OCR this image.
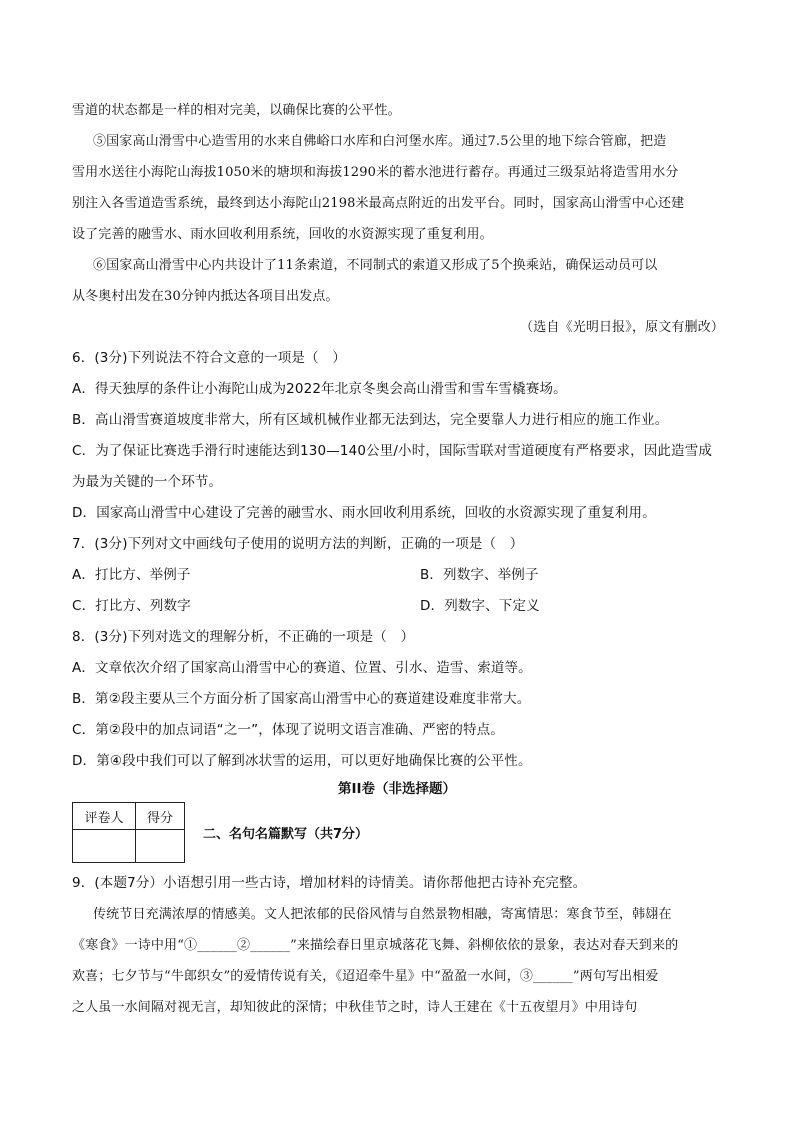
雪道的状态都是一样的相对完美，以确保比赛的公平性。
⑤国家高山滑雪中心造雪用的水来自佛峪口水库和白河堡水库。通过7.5公里的地下综合管廊，把造
雪用水送往小海陀山海拔1050米的塘坝和海拔1290米的蓄水池进行蓄存。再通过三级泵站将造雪用水分
别注入各雪道造雪系统，最终到达小海陀山2198米最高点附近的出发平台。同时，国家高山滑雪中心还建
设了完善的融雪水、雨水回收利用系统，回收的水资源实现了重复利用。
⑥国家高山滑雪中心内共设计了11条索道，不同制式的索道又形成了5个换乘站，确保运动员可以
从冬奥村出发在30分钟内抵达各项目出发点。
（选自《光明日报》，原文有删改）
6．(3分)下列说法不符合文意的一项是（　）
A．得天独厚的条件让小海陀山成为2022年北京冬奥会高山滑雪和雪车雪橇赛场。
B．高山滑雪赛道坡度非常大，所有区域机械作业都无法到达，完全要靠人力进行相应的施工作业。
C．为了保证比赛选手滑行时速能达到130—140公里/小时，国际雪联对雪道硬度有严格要求，因此造雪成
为最为关键的一个环节。
D．国家高山滑雪中心建设了完善的融雪水、雨水回收利用系统，回收的水资源实现了重复利用。
7．(3分)下列对文中画线句子使用的说明方法的判断，正确的一项是（　）
A．打比方、举例子	B．列数字、举例子
C．打比方、列数字	D．列数字、下定义
8．(3分)下列对选文的理解分析，不正确的一项是（　）
A．文章依次介绍了国家高山滑雪中心的赛道、位置、引水、造雪、索道等。
B．第②段主要从三个方面分析了国家高山滑雪中心的赛道建设难度非常大。
C．第②段中的加点词语“之一”，体现了说明文语言准确、严密的特点。
D．第④段中我们可以了解到冰状雪的运用，可以更好地确保比赛的公平性。
第II卷（非选择题）
评卷人	得分

二、名句名篇默写（共7分）
9．(本题7分）小语想引用一些古诗，增加材料的诗情美。请你帮他把古诗补充完整。
传统节日充满浓厚的情感美。文人把浓郁的民俗风情与自然景物相融，寄寓情思：寒食节至，韩翃在
《寒食》一诗中用“①______②______”来描绘春日里京城落花飞舞、斜柳依依的景象，表达对春天到来的
欢喜；七夕节与“牛郎织女”的爱情传说有关，《迢迢牵牛星》中“盈盈一水间，③______”两句写出相爱
之人虽一水间隔对视无言，却知彼此的深情；中秋佳节之时，诗人王建在《十五夜望月》中用诗句
